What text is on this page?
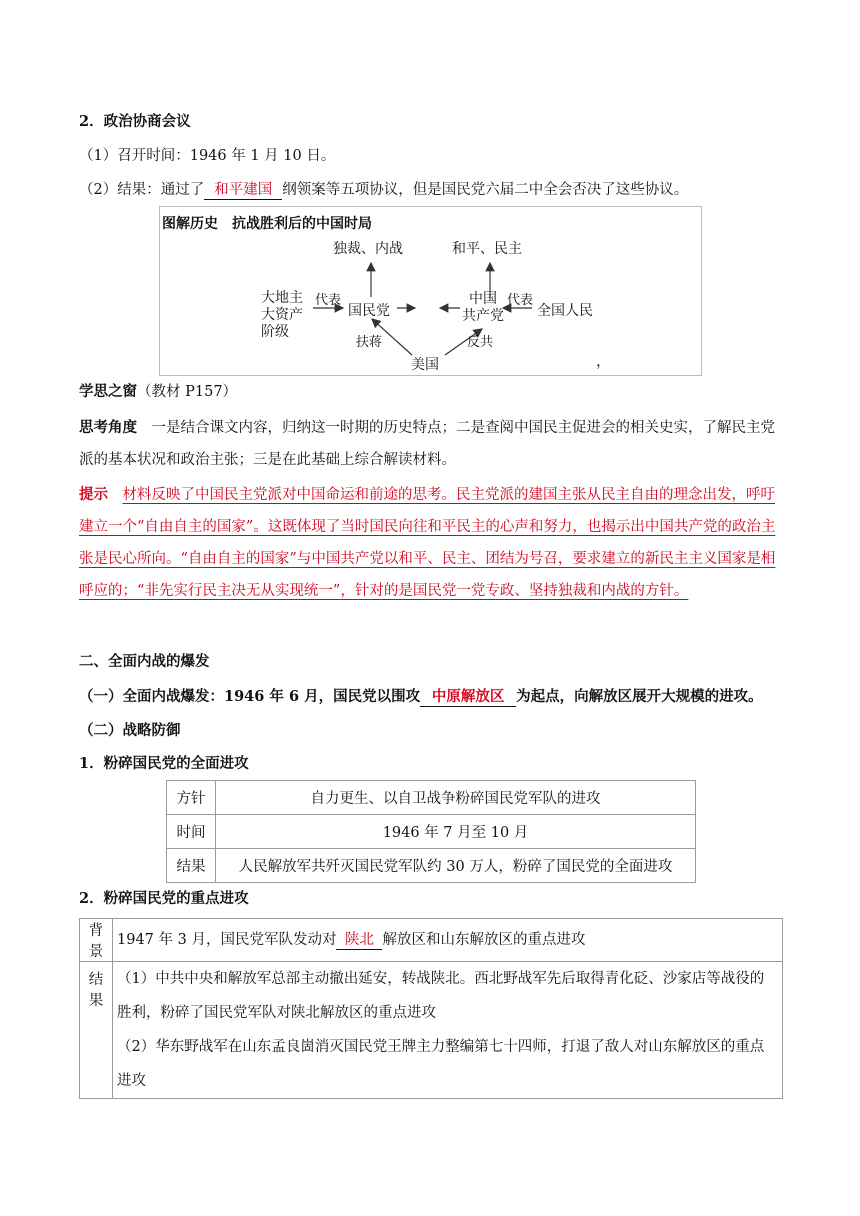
2．政治协商会议
（1）召开时间：1946 年 1 月 10 日。
（2）结果：通过了 和平建国 纲领案等五项协议，但是国民党六届二中全会否决了这些协议。
图解历史　抗战胜利后的中国时局
独裁、内战	和平、民主
大地主
大资产
阶级
代表
国民党
中国
共产党
代表
全国人民
扶蒋	反共
美国	，
学思之窗（教材 P157）
思考角度　 一是结合课文内容，归纳这一时期的历史特点；二是查阅中国民主促进会的相关史实，了解民主党派的基本状况和政治主张；三是在此基础上综合解读材料。
提示　 材料反映了中国民主党派对中国命运和前途的思考。民主党派的建国主张从民主自由的理念出发，呼吁建立一个“自由自主的国家”。这既体现了当时国民向往和平民主的心声和努力，也揭示出中国共产党的政治主张是民心所向。“自由自主的国家”与中国共产党以和平、民主、团结为号召，要求建立的新民主主义国家是相呼应的；“非先实行民主决无从实现统一”，针对的是国民党一党专政、坚持独裁和内战的方针。
二、全面内战的爆发
（一）全面内战爆发：1946 年 6 月，国民党以围攻 中原解放区 为起点，向解放区展开大规模的进攻。
（二）战略防御
1．粉碎国民党的全面进攻
方针	自力更生、以自卫战争粉碎国民党军队的进攻
时间	1946 年 7 月至 10 月
结果	人民解放军共歼灭国民党军队约 30 万人，粉碎了国民党的全面进攻
2．粉碎国民党的重点进攻
背景	1947 年 3 月，国民党军队发动对 陕北 解放区和山东解放区的重点进攻
结果	（1）中共中央和解放军总部主动撤出延安，转战陕北。西北野战军先后取得青化砭、沙家店等战役的胜利，粉碎了国民党军队对陕北解放区的重点进攻
（2）华东野战军在山东孟良崮消灭国民党王牌主力整编第七十四师，打退了敌人对山东解放区的重点进攻
